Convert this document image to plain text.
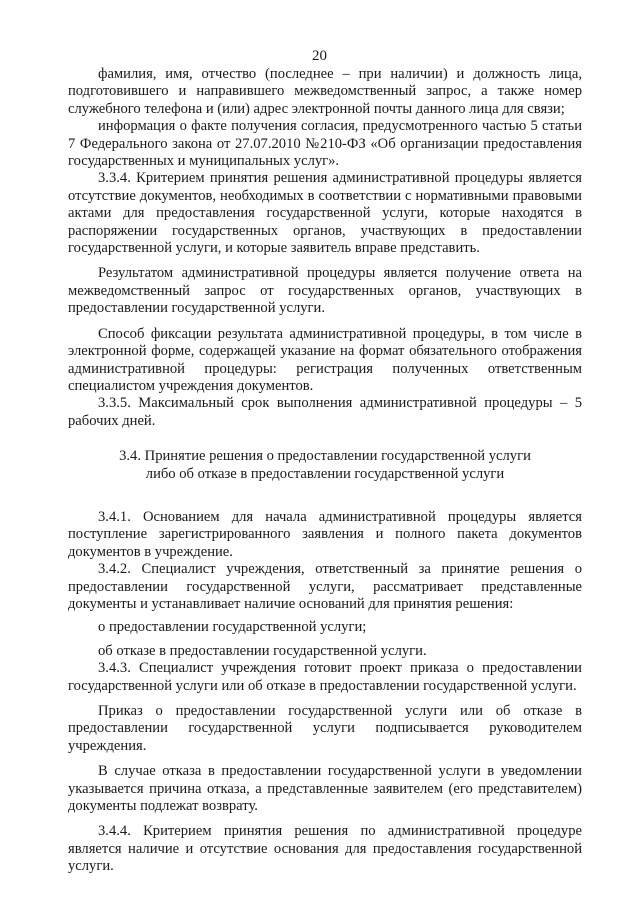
20

фамилия, имя, отчество (последнее – при наличии) и должность лица, подготовившего и направившего межведомственный запрос, а также номер служебного телефона и (или) адрес электронной почты данного лица для связи;

информация о факте получения согласия, предусмотренного частью 5 статьи 7 Федерального закона от 27.07.2010 №210-ФЗ «Об организации предоставления государственных и муниципальных услуг».

3.3.4. Критерием принятия решения административной процедуры является отсутствие документов, необходимых в соответствии с нормативными правовыми актами для предоставления государственной услуги, которые находятся в распоряжении государственных органов, участвующих в предоставлении государственной услуги, и которые заявитель вправе представить.

Результатом административной процедуры является получение ответа на межведомственный запрос от государственных органов, участвующих в предоставлении государственной услуги.

Способ фиксации результата административной процедуры, в том числе в электронной форме, содержащей указание на формат обязательного отображения административной процедуры: регистрация полученных ответственным специалистом учреждения документов.

3.3.5. Максимальный срок выполнения административной процедуры – 5 рабочих дней.

3.4. Принятие решения о предоставлении государственной услуги
либо об отказе в предоставлении государственной услуги

3.4.1. Основанием для начала административной процедуры является поступление зарегистрированного заявления и полного пакета документов документов в учреждение.

3.4.2. Специалист учреждения, ответственный за принятие решения о предоставлении государственной услуги, рассматривает представленные документы и устанавливает наличие оснований для принятия решения:

о предоставлении государственной услуги;

об отказе в предоставлении государственной услуги.

3.4.3. Специалист учреждения готовит проект приказа о предоставлении государственной услуги или об отказе в предоставлении государственной услуги.

Приказ о предоставлении государственной услуги или об отказе в предоставлении государственной услуги подписывается руководителем учреждения.

В случае отказа в предоставлении государственной услуги в уведомлении указывается причина отказа, а представленные заявителем (его представителем) документы подлежат возврату.

3.4.4. Критерием принятия решения по административной процедуре является наличие и отсутствие основания для предоставления государственной услуги.
